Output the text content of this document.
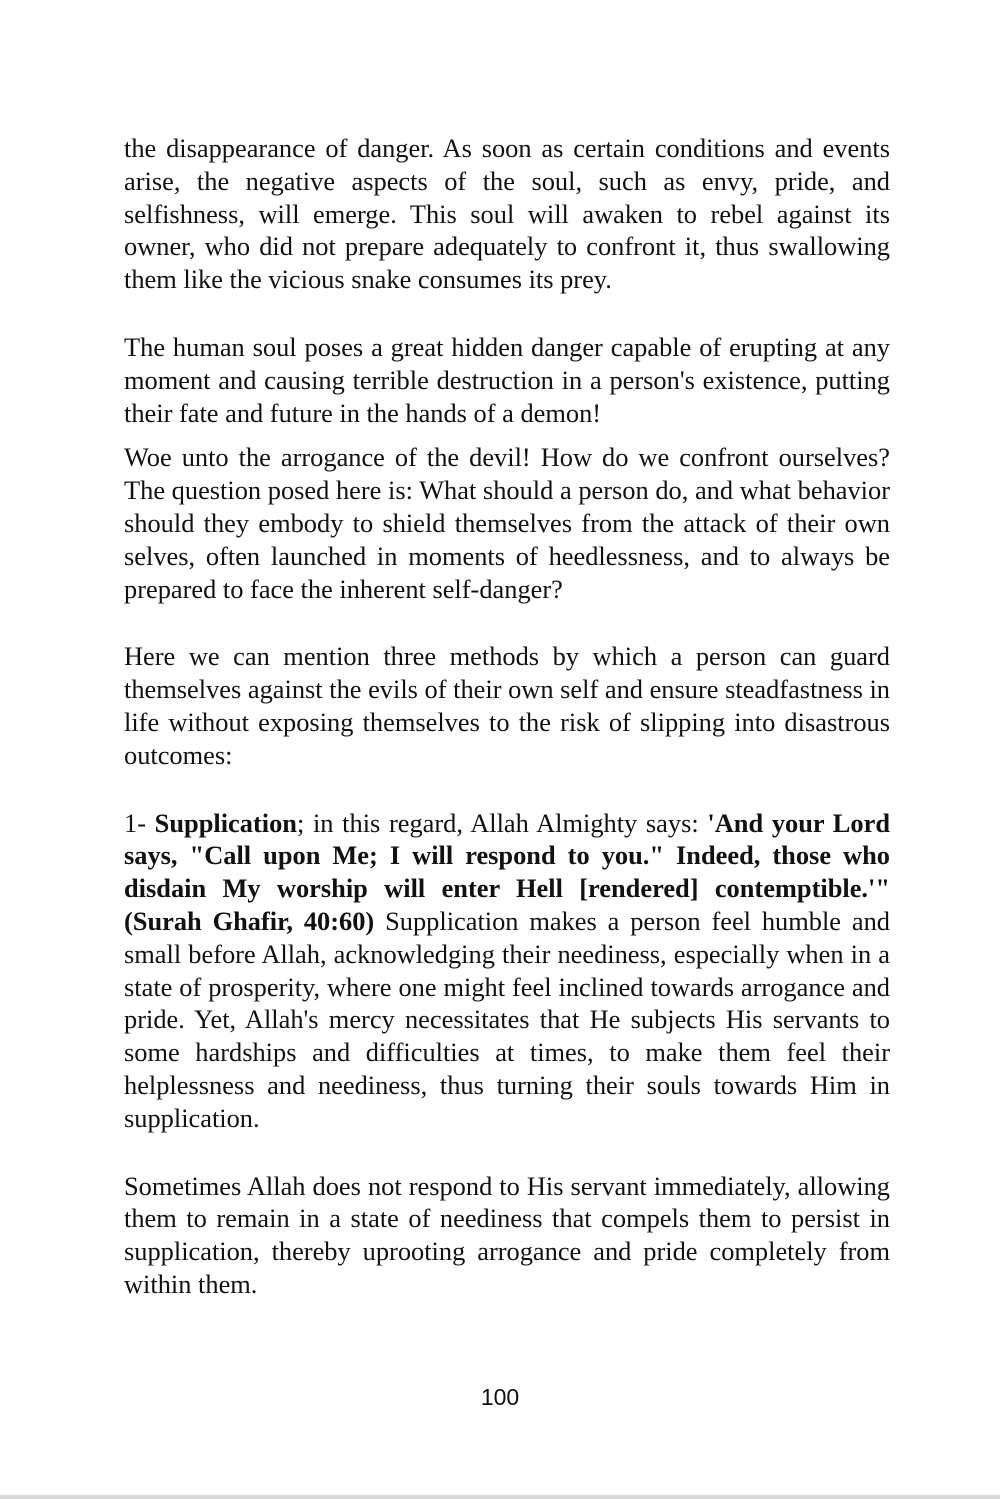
the disappearance of danger. As soon as certain conditions and events arise, the negative aspects of the soul, such as envy, pride, and selfishness, will emerge. This soul will awaken to rebel against its owner, who did not prepare adequately to confront it, thus swallowing them like the vicious snake consumes its prey.

The human soul poses a great hidden danger capable of erupting at any moment and causing terrible destruction in a person's existence, putting their fate and future in the hands of a demon!

Woe unto the arrogance of the devil! How do we confront ourselves? The question posed here is: What should a person do, and what behavior should they embody to shield themselves from the attack of their own selves, often launched in moments of heedlessness, and to always be prepared to face the inherent self-danger?

Here we can mention three methods by which a person can guard themselves against the evils of their own self and ensure steadfastness in life without exposing themselves to the risk of slipping into disastrous outcomes:

1- Supplication; in this regard, Allah Almighty says: 'And your Lord says, "Call upon Me; I will respond to you." Indeed, those who disdain My worship will enter Hell [rendered] contemptible.'" (Surah Ghafir, 40:60) Supplication makes a person feel humble and small before Allah, acknowledging their neediness, especially when in a state of prosperity, where one might feel inclined towards arrogance and pride. Yet, Allah's mercy necessitates that He subjects His servants to some hardships and difficulties at times, to make them feel their helplessness and neediness, thus turning their souls towards Him in supplication.

Sometimes Allah does not respond to His servant immediately, allowing them to remain in a state of neediness that compels them to persist in supplication, thereby uprooting arrogance and pride completely from within them.

100
